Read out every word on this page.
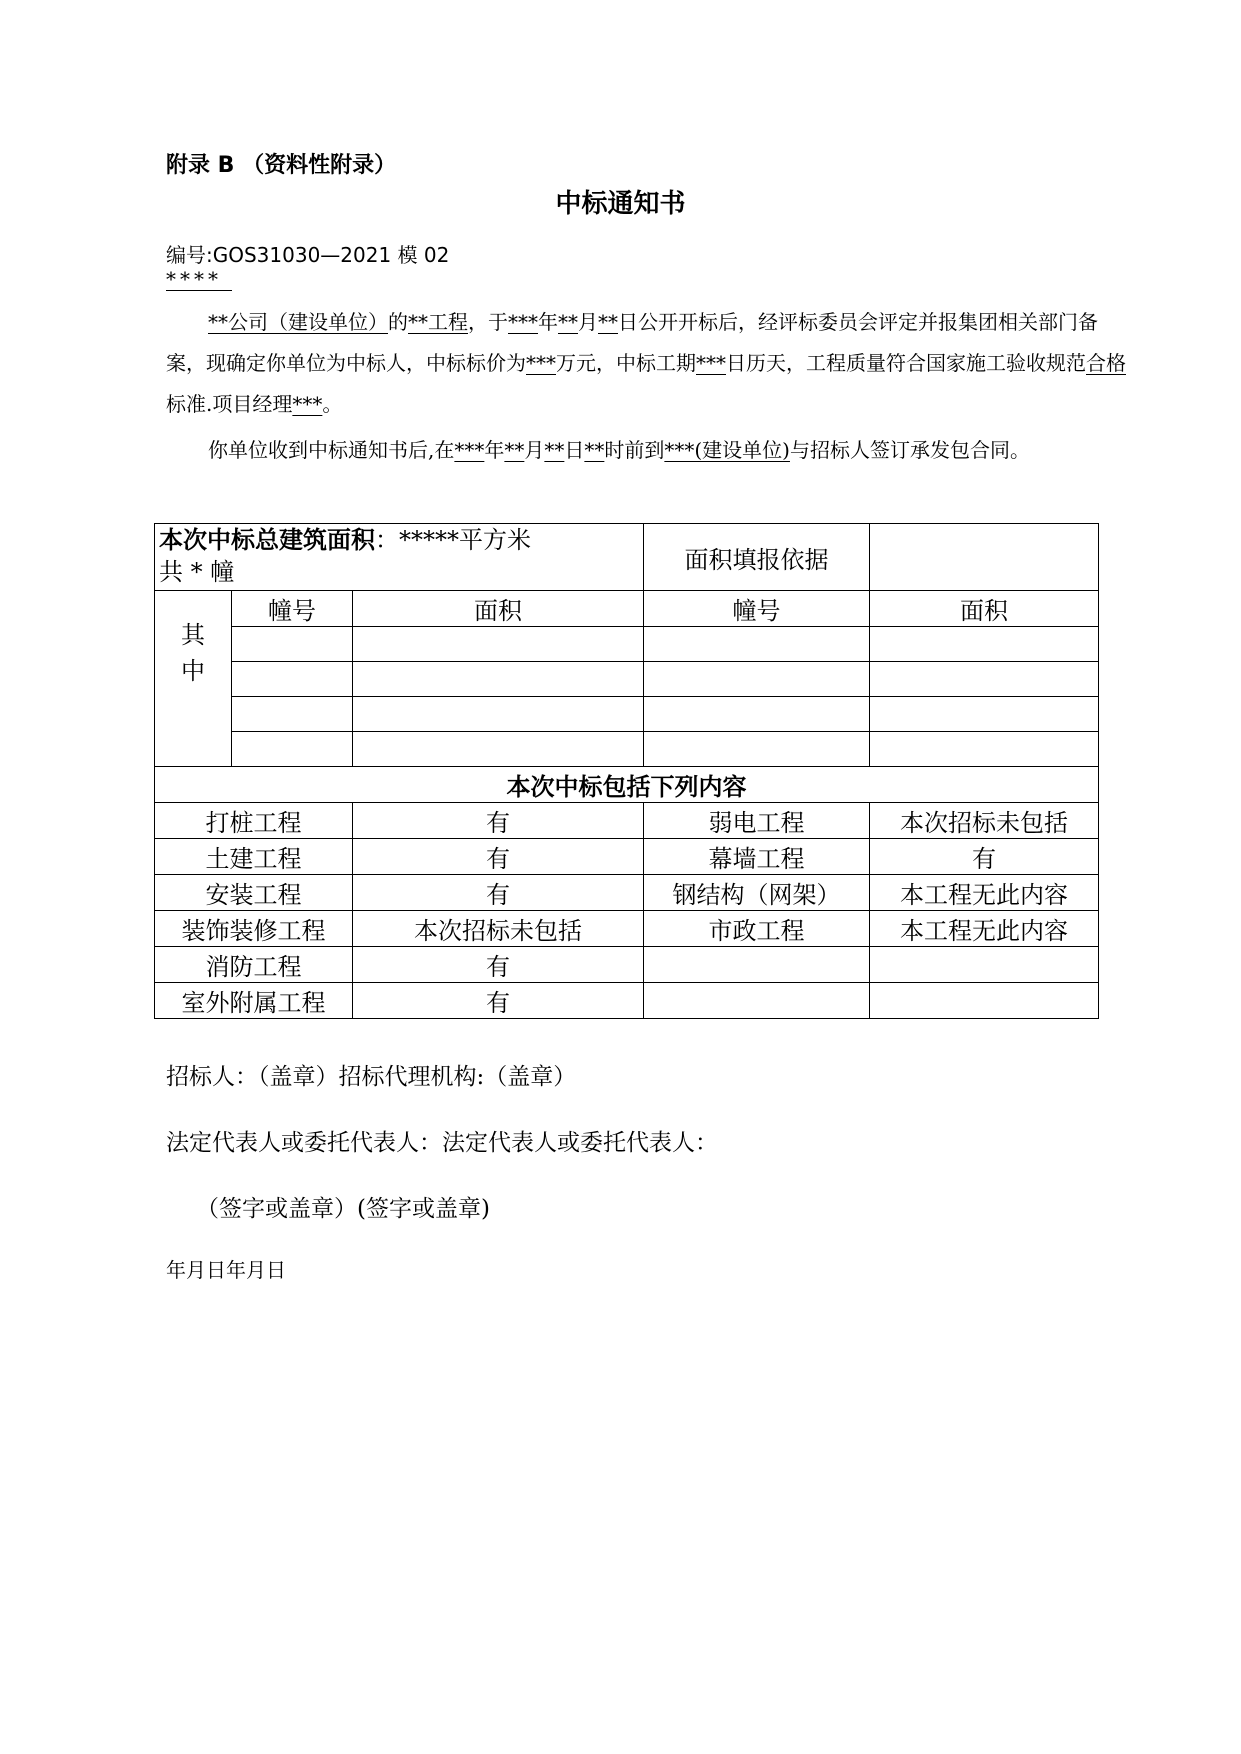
附录 B （资料性附录）
中标通知书
编号:GOS31030—2021 模 02
****
**公司（建设单位）的**工程，于***年**月**日公开开标后，经评标委员会评定并报集团相关部门备案，现确定你单位为中标人，中标标价为***万元，中标工期***日历天，工程质量符合国家施工验收规范合格标准.项目经理***。
你单位收到中标通知书后,在***年**月**日**时前到***(建设单位)与招标人签订承发包合同。
本次中标总建筑面积：*****平方米
共 * 幢			面积填报依据	
其
中	幢号	面积	幢号	面积

本次中标包括下列内容				
打桩工程		有	弱电工程	本次招标未包括
土建工程		有	幕墙工程	有
安装工程		有	钢结构（网架）	本工程无此内容
装饰装修工程		本次招标未包括	市政工程	本工程无此内容
消防工程		有		
室外附属工程		有		
招标人：（盖章）招标代理机构:（盖章）
法定代表人或委托代表人：法定代表人或委托代表人：
（签字或盖章）(签字或盖章)
年月日年月日
